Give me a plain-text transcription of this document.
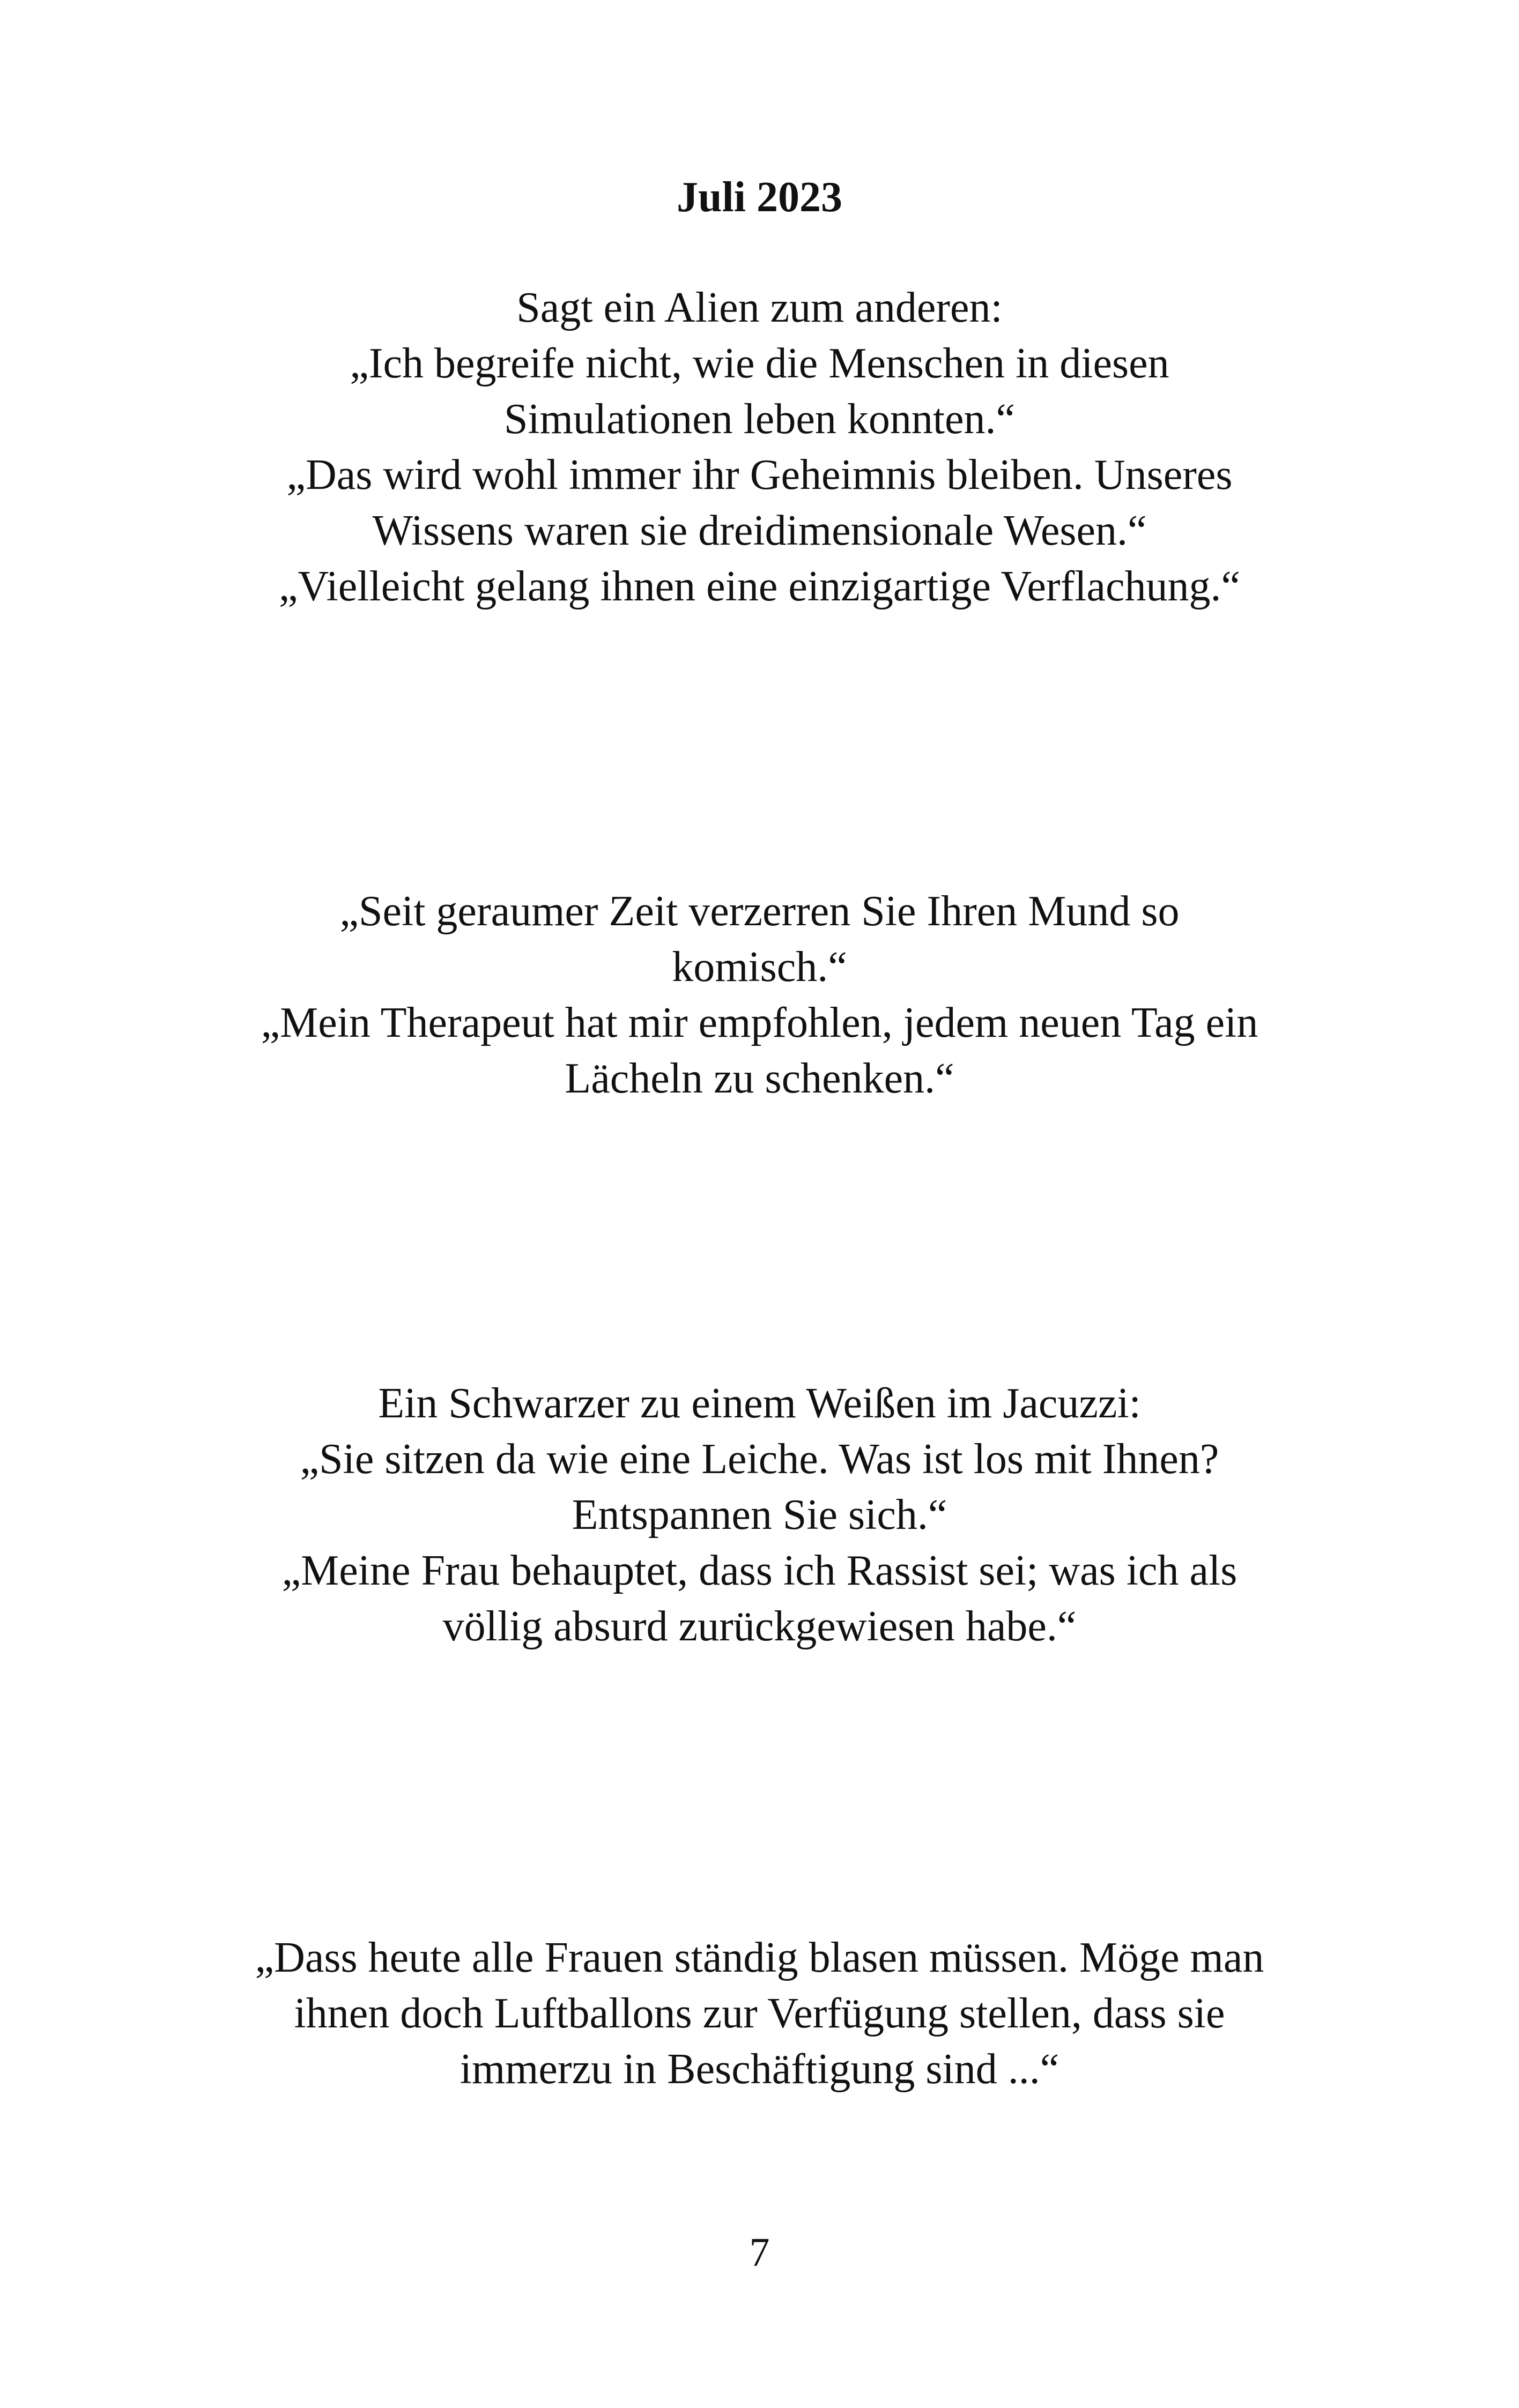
Juli 2023
Sagt ein Alien zum anderen:
„Ich begreife nicht, wie die Menschen in diesen
Simulationen leben konnten.“
„Das wird wohl immer ihr Geheimnis bleiben. Unseres
Wissens waren sie dreidimensionale Wesen.“
„Vielleicht gelang ihnen eine einzigartige Verflachung.“
„Seit geraumer Zeit verzerren Sie Ihren Mund so
komisch.“
„Mein Therapeut hat mir empfohlen, jedem neuen Tag ein
Lächeln zu schenken.“
Ein Schwarzer zu einem Weißen im Jacuzzi:
„Sie sitzen da wie eine Leiche. Was ist los mit Ihnen?
Entspannen Sie sich.“
„Meine Frau behauptet, dass ich Rassist sei; was ich als
völlig absurd zurückgewiesen habe.“
„Dass heute alle Frauen ständig blasen müssen. Möge man
ihnen doch Luftballons zur Verfügung stellen, dass sie
immerzu in Beschäftigung sind ...“
7
